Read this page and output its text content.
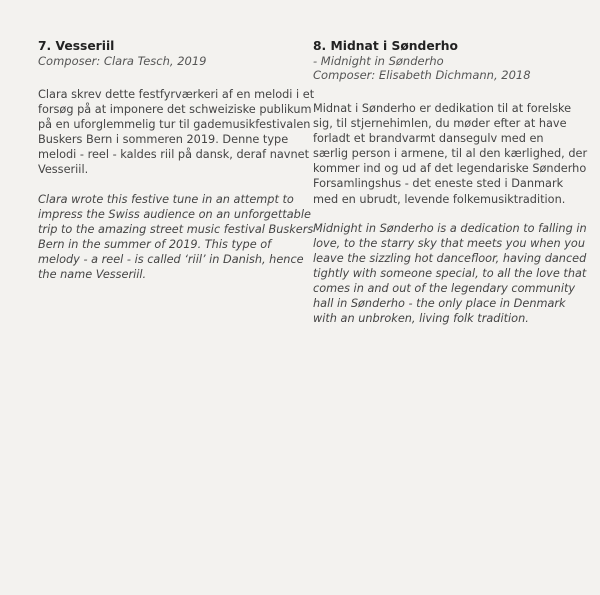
7. Vesseriil

Composer: Clara Tesch, 2019

Clara skrev dette festfyrværkeri af en melodi i et
forsøg på at imponere det schweiziske publikum
på en uforglemmelig tur til gademusikfestivalen
Buskers Bern i sommeren 2019. Denne type
melodi - reel - kaldes riil på dansk, deraf navnet
Vesseriil.

Clara wrote this festive tune in an attempt to
impress the Swiss audience on an unforgettable
trip to the amazing street music festival Buskers
Bern in the summer of 2019. This type of
melody - a reel - is called ‘riil’ in Danish, hence
the name Vesseriil.

8. Midnat i Sønderho

- Midnight in Sønderho

Composer: Elisabeth Dichmann, 2018

Midnat i Sønderho er dedikation til at forelske
sig, til stjernehimlen, du møder efter at have
forladt et brandvarmt dansegulv med en
særlig person i armene, til al den kærlighed, der
kommer ind og ud af det legendariske Sønderho
Forsamlingshus - det eneste sted i Danmark
med en ubrudt, levende folkemusiktradition.

Midnight in Sønderho is a dedication to falling in
love, to the starry sky that meets you when you
leave the sizzling hot dancefloor, having danced
tightly with someone special, to all the love that
comes in and out of the legendary community
hall in Sønderho - the only place in Denmark
with an unbroken, living folk tradition.
